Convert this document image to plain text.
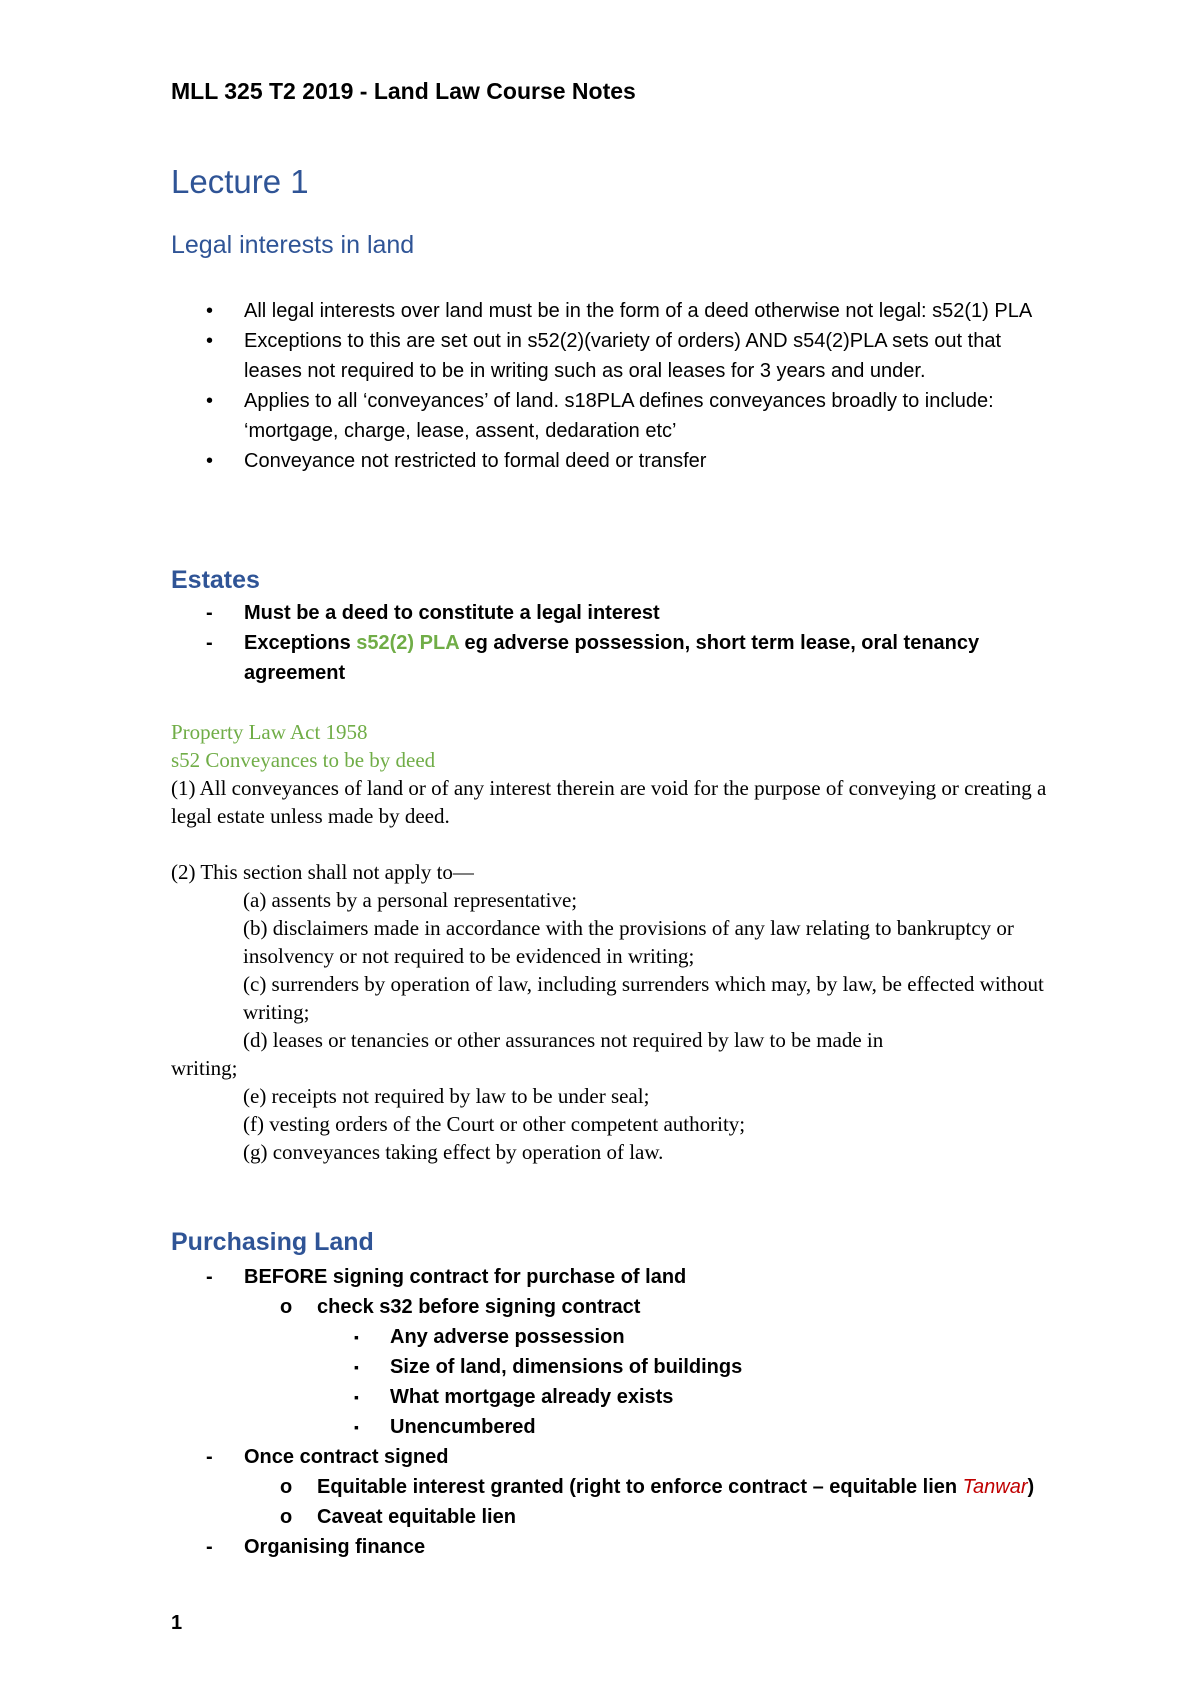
MLL 325 T2 2019 - Land Law Course Notes
Lecture 1
Legal interests in land
• All legal interests over land must be in the form of a deed otherwise not legal: s52(1) PLA
• Exceptions to this are set out in s52(2)(variety of orders) AND s54(2)PLA sets out that leases not required to be in writing such as oral leases for 3 years and under.
• Applies to all ‘conveyances’ of land. s18PLA defines conveyances broadly to include: ‘mortgage, charge, lease, assent, dedaration etc’
• Conveyance not restricted to formal deed or transfer
Estates
- Must be a deed to constitute a legal interest
- Exceptions s52(2) PLA eg adverse possession, short term lease, oral tenancy agreement

Property Law Act 1958

s52 Conveyances to be by deed

(1) All conveyances of land or of any interest therein are void for the purpose of conveying or creating a legal estate unless made by deed.

(2) This section shall not apply to—

(a) assents by a personal representative;

(b) disclaimers made in accordance with the provisions of any law relating to bankruptcy or insolvency or not required to be evidenced in writing;

(c) surrenders by operation of law, including surrenders which may, by law, be effected without writing;

(d) leases or tenancies or other assurances not required by law to be made in

writing;

(e) receipts not required by law to be under seal;

(f) vesting orders of the Court or other competent authority;

(g) conveyances taking effect by operation of law.

Purchasing Land
- BEFORE signing contract for purchase of land
o check s32 before signing contract
▪ Any adverse possession
▪ Size of land, dimensions of buildings
▪ What mortgage already exists
▪ Unencumbered
- Once contract signed
o Equitable interest granted (right to enforce contract – equitable lien Tanwar)
o Caveat equitable lien
- Organising finance
1
